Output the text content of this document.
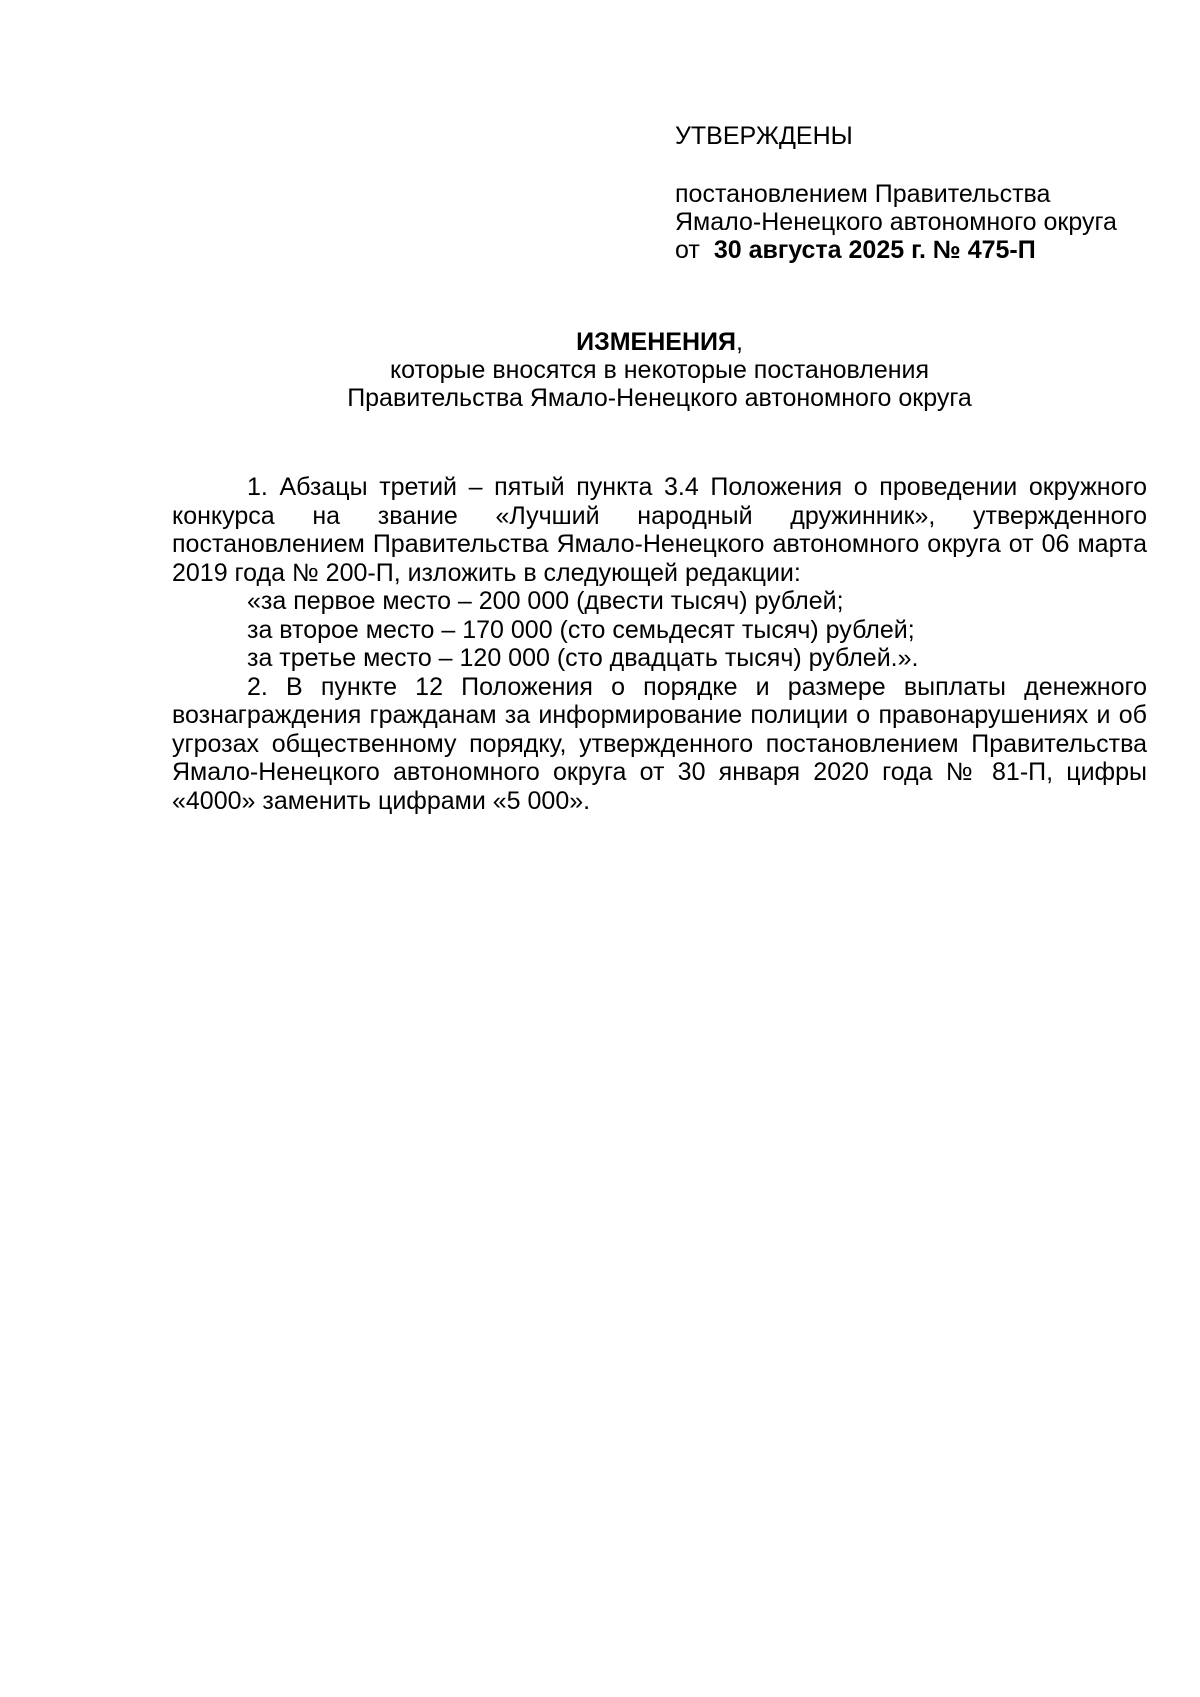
УТВЕРЖДЕНЫ
постановлением Правительства
Ямало-Ненецкого автономного округа
от 30 августа 2025 г. № 475-П
ИЗМЕНЕНИЯ,
которые вносятся в некоторые постановления
Правительства Ямало-Ненецкого автономного округа

1. Абзацы третий – пятый пункта 3.4 Положения о проведении окружного конкурса на звание «Лучший народный дружинник», утвержденного постановлением Правительства Ямало-Ненецкого автономного округа от 06 марта 2019 года № 200-П, изложить в следующей редакции:

«за первое место – 200 000 (двести тысяч) рублей;

за второе место – 170 000 (сто семьдесят тысяч) рублей;

за третье место – 120 000 (сто двадцать тысяч) рублей.».

2. В пункте 12 Положения о порядке и размере выплаты денежного вознаграждения гражданам за информирование полиции о правонарушениях и об угрозах общественному порядку, утвержденного постановлением Правительства Ямало-Ненецкого автономного округа от 30 января 2020 года № 81-П, цифры «4000» заменить цифрами «5 000».
